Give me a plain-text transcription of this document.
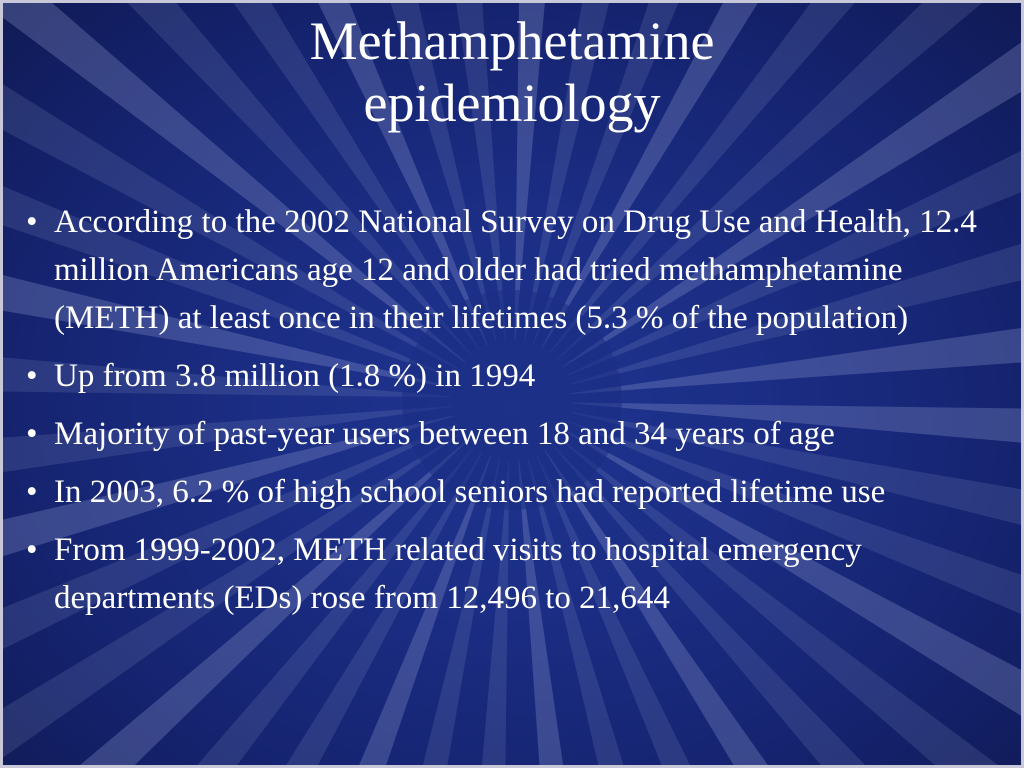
Methamphetamine
epidemiology
• According to the 2002 National Survey on Drug Use and Health, 12.4 million Americans age 12 and older had tried methamphetamine (METH) at least once in their lifetimes (5.3 % of the population)
• Up from 3.8 million (1.8 %) in 1994
• Majority of past-year users between 18 and 34 years of age
• In 2003, 6.2 % of high school seniors had reported lifetime use
• From 1999-2002, METH related visits to hospital emergency departments (EDs) rose from 12,496 to 21,644
